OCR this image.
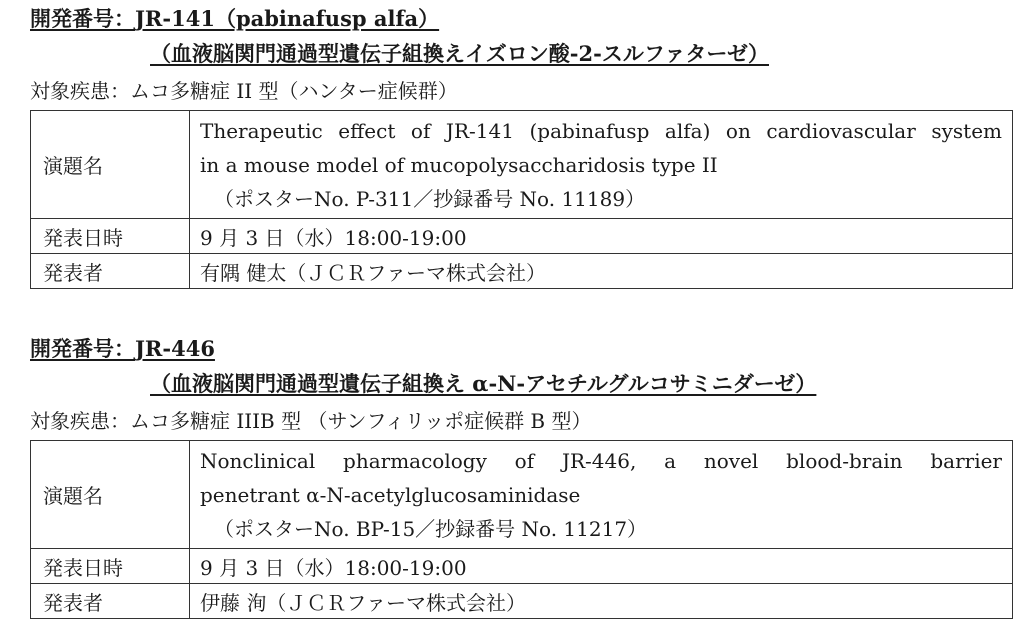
開発番号：JR-141（pabinafusp alfa）
（血液脳関門通過型遺伝子組換えイズロン酸-2-スルファターゼ）
対象疾患：ムコ多糖症 II 型（ハンター症候群）
演題名	Therapeutic effect of JR-141 (pabinafusp alfa) on cardiovascular system
in a mouse model of mucopolysaccharidosis type II
（ポスターNo. P-311／抄録番号 No. 11189）

発表日時	9 月 3 日（水）18:00-19:00
発表者	有隅 健太（ＪＣＲファーマ株式会社）
開発番号：JR-446
（血液脳関門通過型遺伝子組換え α-N-アセチルグルコサミニダーゼ）
対象疾患：ムコ多糖症 IIIB 型 （サンフィリッポ症候群 B 型）
演題名	Nonclinical pharmacology of JR-446, a novel blood-brain barrier
penetrant α-N-acetylglucosaminidase
（ポスターNo. BP-15／抄録番号 No. 11217）

発表日時	9 月 3 日（水）18:00-19:00
発表者	伊藤 洵（ＪＣＲファーマ株式会社）
